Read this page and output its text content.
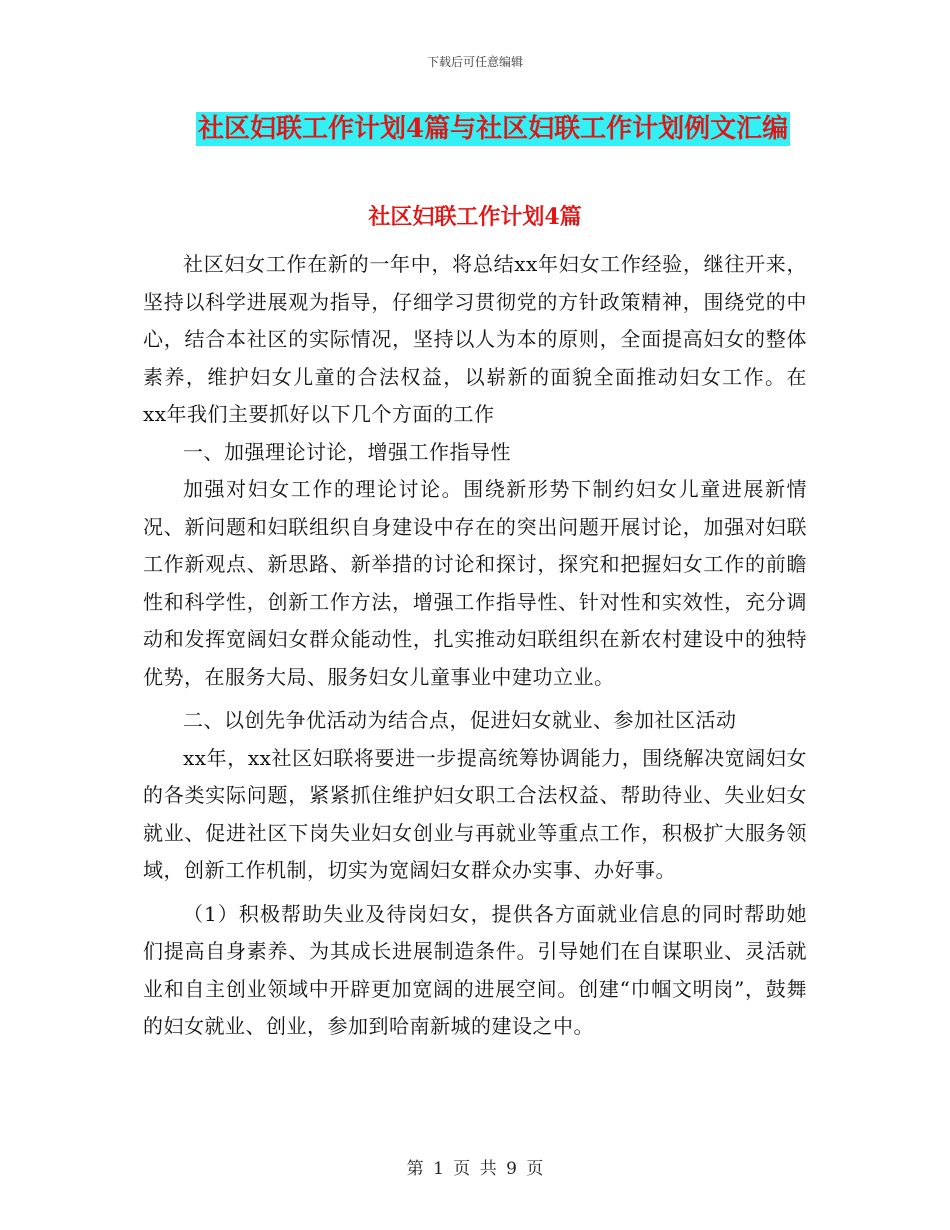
下载后可任意编辑
社区妇联工作计划4篇与社区妇联工作计划例文汇编
社区妇联工作计划4篇

社区妇女工作在新的一年中，将总结xx年妇女工作经验，继往开来，坚持以科学进展观为指导，仔细学习贯彻党的方针政策精神，围绕党的中心，结合本社区的实际情况，坚持以人为本的原则，全面提高妇女的整体素养，维护妇女儿童的合法权益，以崭新的面貌全面推动妇女工作。在 xx年我们主要抓好以下几个方面的工作

一、加强理论讨论，增强工作指导性

加强对妇女工作的理论讨论。围绕新形势下制约妇女儿童进展新情况、新问题和妇联组织自身建设中存在的突出问题开展讨论，加强对妇联工作新观点、新思路、新举措的讨论和探讨，探究和把握妇女工作的前瞻性和科学性，创新工作方法，增强工作指导性、针对性和实效性，充分调动和发挥宽阔妇女群众能动性，扎实推动妇联组织在新农村建设中的独特优势，在服务大局、服务妇女儿童事业中建功立业。

二、以创先争优活动为结合点，促进妇女就业、参加社区活动

xx年，xx社区妇联将要进一步提高统筹协调能力，围绕解决宽阔妇女的各类实际问题，紧紧抓住维护妇女职工合法权益、帮助待业、失业妇女就业、促进社区下岗失业妇女创业与再就业等重点工作，积极扩大服务领域，创新工作机制，切实为宽阔妇女群众办实事、办好事。

（1）积极帮助失业及待岗妇女，提供各方面就业信息的同时帮助她们提高自身素养、为其成长进展制造条件。引导她们在自谋职业、灵活就业和自主创业领域中开辟更加宽阔的进展空间。创建“巾帼文明岗”，鼓舞的妇女就业、创业，参加到哈南新城的建设之中。

第 1 页 共 9 页
